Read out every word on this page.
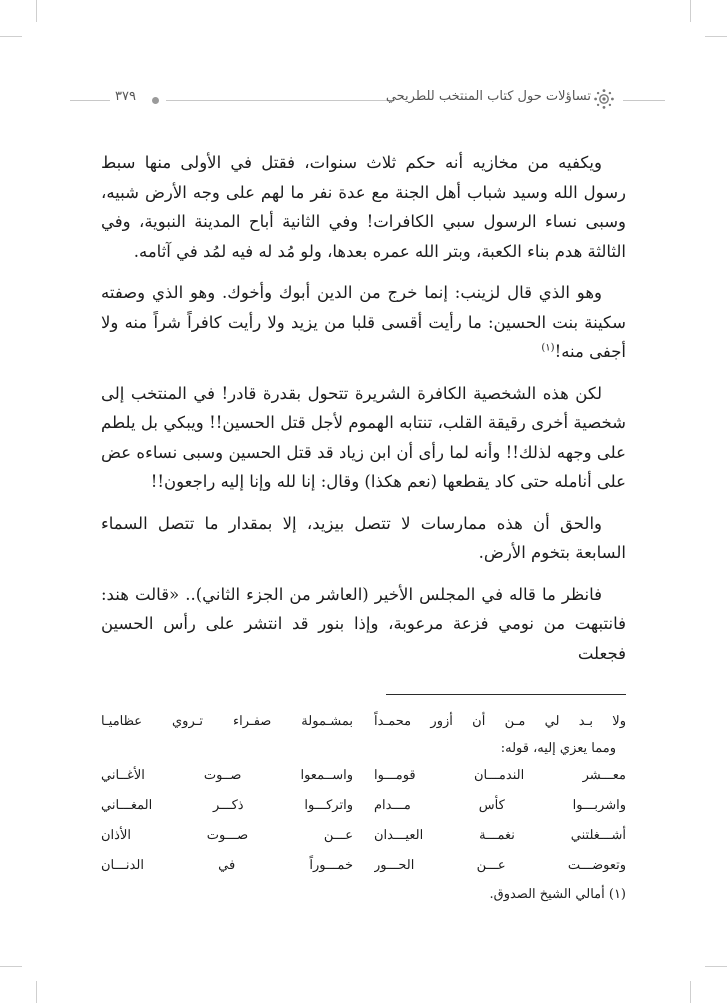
٣٧٩	تساؤلات حول كتاب المنتخب للطريحي

ويكفيه من مخازيه أنه حكم ثلاث سنوات، فقتل في الأولى منها سبط رسول الله وسيد شباب أهل الجنة مع عدة نفر ما لهم على وجه الأرض شبيه، وسبى نساء الرسول سبي الكافرات! وفي الثانية أباح المدينة النبوية، وفي الثالثة هدم بناء الكعبة، وبتر الله عمره بعدها، ولو مُد له فيه لمُد في آثامه.

وهو الذي قال لزينب: إنما خرج من الدين أبوك وأخوك. وهو الذي وصفته سكينة بنت الحسين: ما رأيت أقسى قلبا من يزيد ولا رأيت كافراً شراً منه ولا أجفى منه!$^{(١)}$

لكن هذه الشخصية الكافرة الشريرة تتحول بقدرة قادر! في المنتخب إلى شخصية أخرى رقيقة القلب، تنتابه الهموم لأجل قتل الحسين!! ويبكي بل يلطم على وجهه لذلك!! وأنه لما رأى أن ابن زياد قد قتل الحسين وسبى نساءه عض على أنامله حتى كاد يقطعها (نعم هكذا) وقال: إنا لله وإنا إليه راجعون!!

والحق أن هذه ممارسات لا تتصل بيزيد، إلا بمقدار ما تتصل السماء السابعة بتخوم الأرض.

فانظر ما قاله في المجلس الأخير (العاشر من الجزء الثاني).. «قالت هند: فانتبهت من نومي فزعة مرعوبة، وإذا بنور قد انتشر على رأس الحسين فجعلت

ولا بـد لي مـن أن أزور محمـداً
بمشـمولة صفـراء تـروي عظاميـا

ومما يعزي إليه، قوله:

معـــشر الندمـــان قومـــوا
واســمعوا صــوت الأغــاني
واشربـــوا كأس مـــدام
واتركـــوا ذكـــر المغـــاني
أشـــغلتني نغمـــة العيـــدان
عـــن صـــوت الأذان
وتعوضـــت عـــن الحـــور
خمـــوراً في الدنـــان

(١) أمالي الشيخ الصدوق.
